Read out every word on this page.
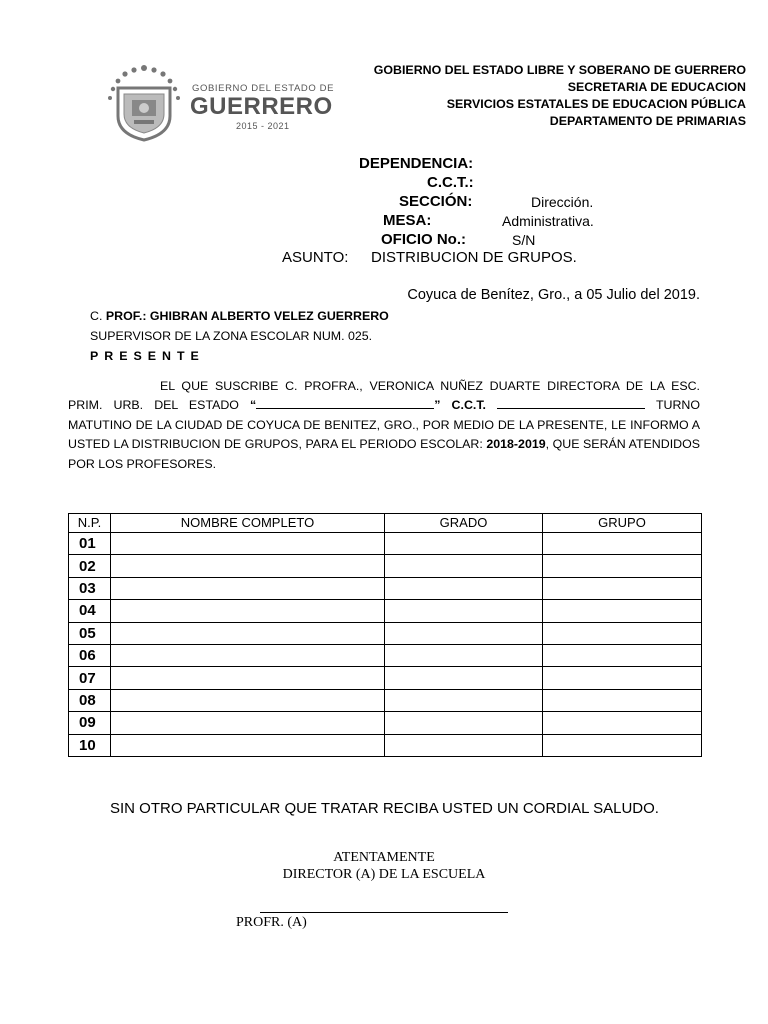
GOBIERNO DEL ESTADO DE
GUERRERO
2015 - 2021
GOBIERNO DEL ESTADO LIBRE Y SOBERANO DE GUERRERO
SECRETARIA DE EDUCACION
SERVICIOS ESTATALES DE EDUCACION PÚBLICA
DEPARTAMENTO DE PRIMARIAS
DEPENDENCIA:
C.C.T.:
SECCIÓN:	Dirección.
MESA:	Administrativa.
OFICIO No.:	S/N
ASUNTO: DISTRIBUCION DE GRUPOS.
Coyuca de Benítez, Gro., a 05 Julio del 2019.
C. PROF.: GHIBRAN ALBERTO VELEZ GUERRERO
SUPERVISOR DE LA ZONA ESCOLAR NUM. 025.
PRESENTE
EL QUE SUSCRIBE C. PROFRA., VERONICA NUÑEZ DUARTE DIRECTORA DE LA ESC. PRIM. URB. DEL ESTADO “	” C.C.T.	TURNO MATUTINO DE LA CIUDAD DE COYUCA DE BENITEZ, GRO., POR MEDIO DE LA PRESENTE, LE INFORMO A USTED LA DISTRIBUCION DE GRUPOS, PARA EL PERIODO ESCOLAR: 2018-2019, QUE SERÁN ATENDIDOS POR LOS PROFESORES.
N.P.	NOMBRE COMPLETO	GRADO	GRUPO
01			
02			
03			
04			
05			
06			
07			
08			
09			
10			
SIN OTRO PARTICULAR QUE TRATAR RECIBA USTED UN CORDIAL SALUDO.
ATENTAMENTE
DIRECTOR (A) DE LA ESCUELA
PROFR. (A)
